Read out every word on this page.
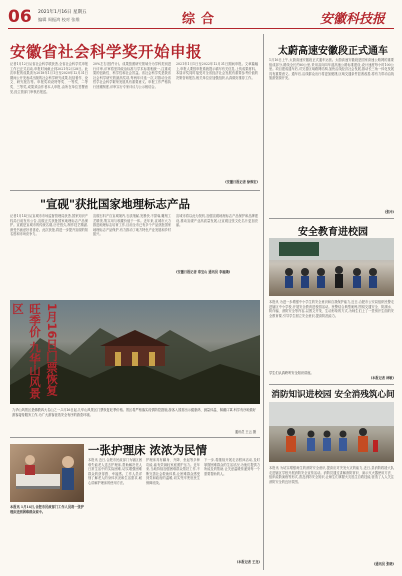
06 2021年1月16日 星期五
编辑 周振鸿 校对 张维	综合	安徽科技报
安徽省社会科学奖开始申报
记者1月12日从省社会科学联获悉,全省社会科学奖申报工作已正式启动,申报时间截止到2021年2月28日。此次申报的成果须为2018年1月1日至2020年12月31日期间公开发表或出版的社会科学研究成果,包括著作、论文、研究报告等。申报奖项设特等奖、一等奖、二等奖、三等奖,成果须由作者本人申报,由所在单位签署意见,经主管部门审核后报送。
20%左右(按件计)。成果按照研究领域分为学科类别进行评审,评审将坚持政治标准与学术标准相统一,注重成果的创新性、科学性和社会效益。省社会科学奖是我省社会科学研究的最高奖项,每两年评选一次,对推动全省哲学社会科学繁荣发展具有重要意义。申报工作严格执行回避制度,评审实行专家评议与公示相结合。
2021年1月1日至2022年12月31日期间申报。文章篇幅上,申报人要按申报系统提示填写有关信息,上传成果材料。本届评奖同时接受对全省经济社会发展有重要参考价值的决策咨询报告,相关单位应加强组织,认真做好推荐工作。
(安徽日报记者 徐维宏)
"宣砚"获批国家地理标志产品
记者1月14日从宣城市市场监督管理局获悉,国家知识产权局日前发布公告,宣砚正式获批国家地理标志产品保护。宣砚是宣城市的传统名砚,历史悠久,制作技艺精湛,深受书画爱好者喜爱。此次获批,将进一步提升宣砚的知名度和市场竞争力。
宣砚石料产自宣城境内,石质细腻,发墨快,不损毫,雕刻工艺精美,集实用与收藏价值于一体。近年来,宣城市大力推进地理标志培育工作,目前全市已有多个产品获批国家地理标志产品保护,有力推动了地方特色产业发展和乡村振兴。
宣城市将以此为契机,加强宣砚地理标志产品保护和品牌建设,推动宣砚产业高质量发展,让宣砚这张文化名片更加亮丽。
(安徽日报记者 章宝山 通讯员 李福娥)
1月16日门票恢复旺季价 九华山风景区
九华山风景区是佛教四大名山之一,1月16日起,九华山风景区门票恢复旺季价格。景区将严格落实疫情防控措施,游客入园需出示健康码、测量体温、佩戴口罩,科学有序地做好游客接待服务工作,为广大游客营造安全有序的游览环境。
通讯员 王云 摄
一张护理床 浓浓为民情
本报讯 1月14日,合肥市民政部门工作人员将一张护理床送到困难群众家中。
本报讯 近日,合肥市民政部门为辖区困难失能老人送去护理床,帮助解决老人日常生活中的实际困难,切实增强困难群众的获得感、幸福感。工作人员详细了解老人的身体状况和生活需求,耐心讲解护理床的使用方法。
护理床具有翻身、升降、坐起等多种功能,能有效减轻家庭照护压力。近年来,当地持续加强困难群众帮扶工作,不断完善社会救助体系,让困难群众感受到党和政府的温暖,切实兜牢兜底民生保障底线。
下一步,将继续开展走访慰问活动,及时掌握困难群众的生活状况,为他们提供力所能及的帮助,让关爱温暖传递到每一个需要帮助的人。
(本报记者 王龙)
太蔚高速安徽段正式通车
1月16日上午,太蔚高速安徽段正式通车运营。太蔚高速安徽段是国家高速公路网的重要组成部分,路线全长约60公里,采用双向四车道高速公路标准建设,设计速度每小时100公里。项目建成通车后,对完善区域路网结构,加快沿线经济社会发展,推动长三角一体化发展具有重要意义。通车后,沿线群众出行将更加便捷,区域交通条件显著改善,将有力带动沿线旅游资源开发。
(张冲)
安全教育进校园
本报讯 为进一步增强中小学生的安全意识和自我保护能力,近日,合肥市公安局组织民警走进辖区中小学校,开展安全教育进校园活动。民警结合典型案例,围绕交通安全、防溺水、防诈骗、消防安全等内容,以图文并茂、生动形象的方式,为师生们上了一堂别开生面的安全教育课,引导学生树立安全意识,提高防范能力。
学生们认真聆听安全知识讲座。
(本报记者 林敏)
消防知识进校园 安全消残筑心间
本报讯 为切实增强师生的消防安全意识,提高应对突发火灾的能力,近日,县消防救援大队走进辖区学校开展消防安全宣传活动。消防员通过讲解消防常识、演示灭火器使用方法、组织疏散演练等形式,普及消防安全知识,让师生们掌握火灾逃生自救技能,营造了人人关注消防安全的良好氛围。
(通讯员 张晓)
